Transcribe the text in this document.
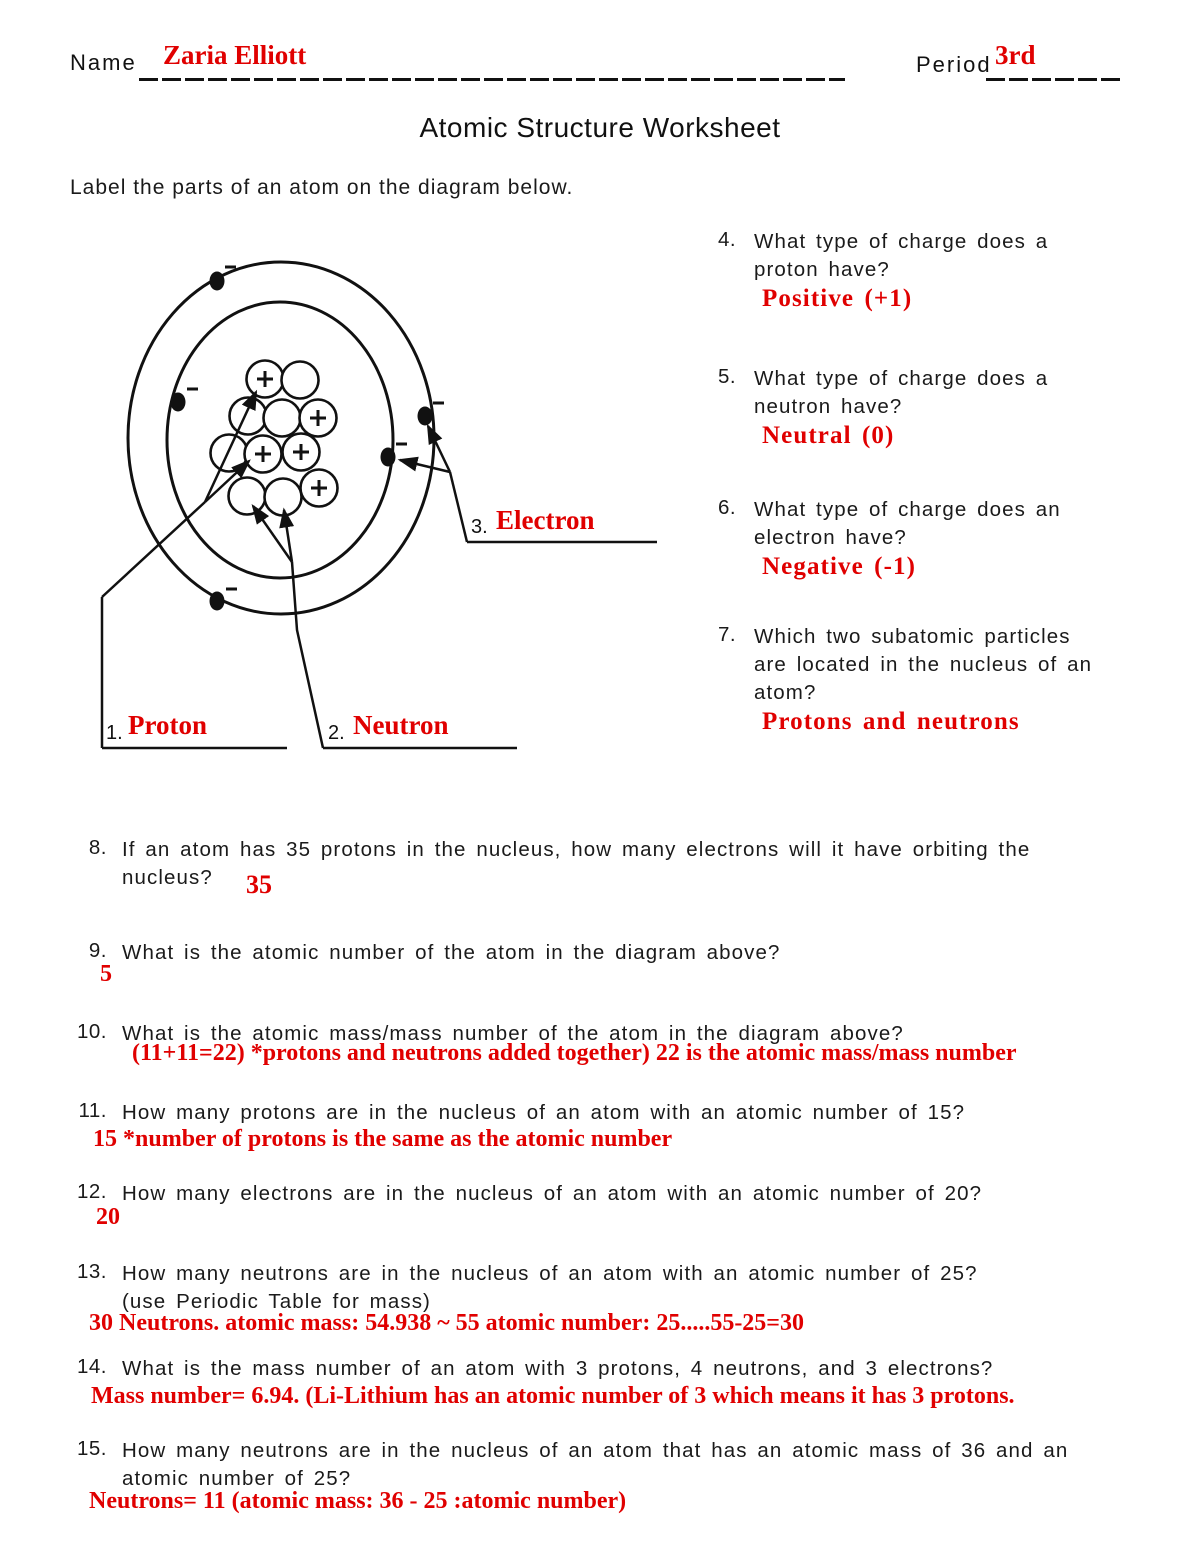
Name Zaria Elliott	Period 3rd
Atomic Structure Worksheet
Label the parts of an atom on the diagram below.
1. Proton	2. Neutron
3. Electron
4. What type of charge does a
proton have?
Positive (+1)
5. What type of charge does a
neutron have?
Neutral (0)
6. What type of charge does an
electron have?
Negative (-1)
7. Which two subatomic particles
are located in the nucleus of an
atom?
Protons and neutrons
8. If an atom has 35 protons in the nucleus, how many electrons will it have orbiting the
nucleus?	35
9. What is the atomic number of the atom in the diagram above?
5
10. What is the atomic mass/mass number of the atom in the diagram above?
(11+11=22) *protons and neutrons added together) 22 is the atomic mass/mass number
11. How many protons are in the nucleus of an atom with an atomic number of 15?
15 *number of protons is the same as the atomic number
12. How many electrons are in the nucleus of an atom with an atomic number of 20?
20
13. How many neutrons are in the nucleus of an atom with an atomic number of 25?
(use Periodic Table for mass)
30 Neutrons. atomic mass: 54.938 ~ 55 atomic number: 25.....55-25=30
14. What is the mass number of an atom with 3 protons, 4 neutrons, and 3 electrons?
Mass number= 6.94. (Li-Lithium has an atomic number of 3 which means it has 3 protons.
15. How many neutrons are in the nucleus of an atom that has an atomic mass of 36 and an
atomic number of 25?
Neutrons= 11 (atomic mass: 36 - 25 :atomic number)
